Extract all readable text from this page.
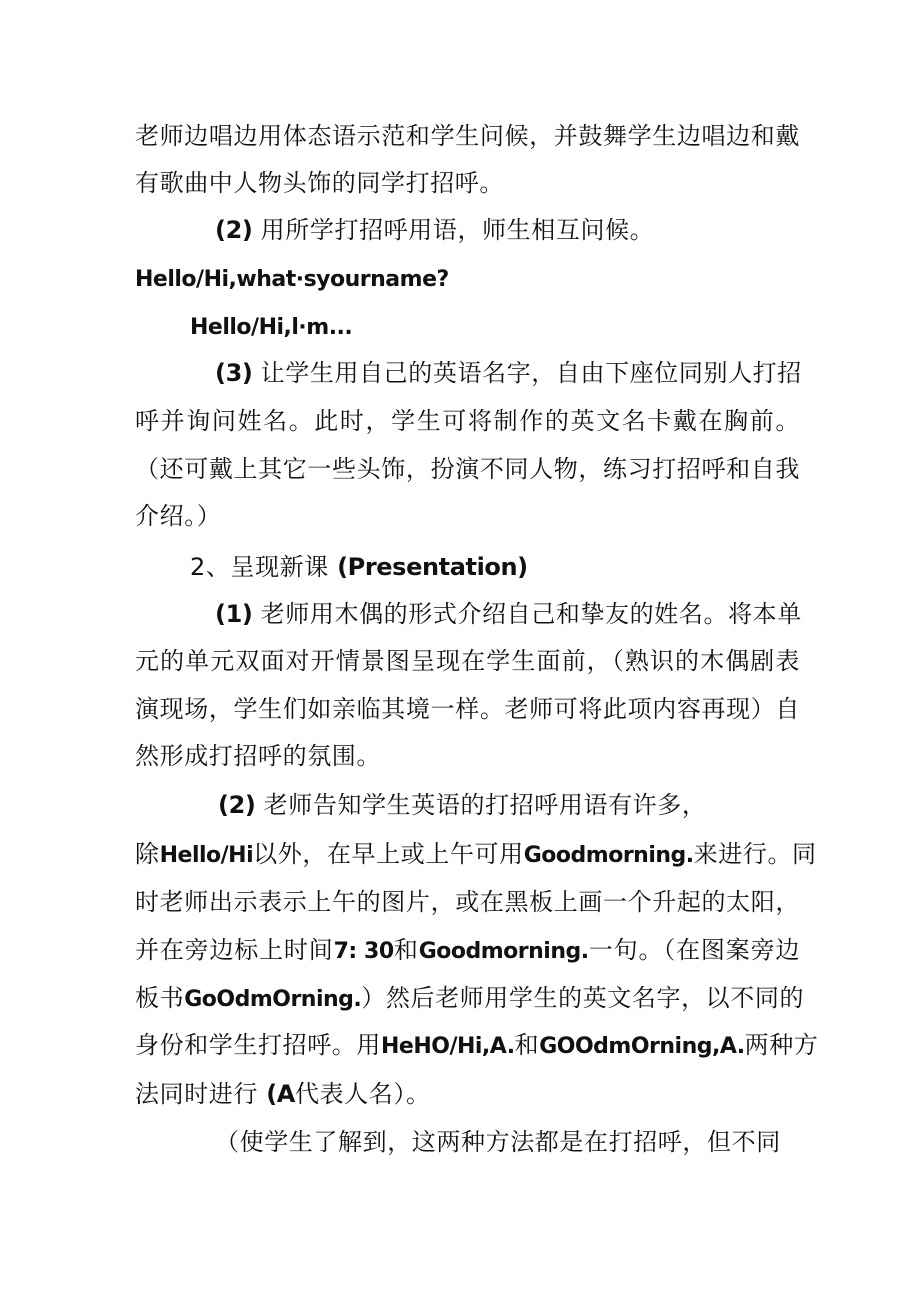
老师边唱边用体态语示范和学生问候，并鼓舞学生边唱边和戴
有歌曲中人物头饰的同学打招呼。
(2) 用所学打招呼用语，师生相互问候。
Hello/Hi,what∙syourname?
Hello/Hi,l∙m...
(3) 让学生用自己的英语名字，自由下座位同别人打招
呼并询问姓名。此时，学生可将制作的英文名卡戴在胸前。
（还可戴上其它一些头饰，扮演不同人物，练习打招呼和自我
介绍。）
2、呈现新课 (Presentation)
(1) 老师用木偶的形式介绍自己和挚友的姓名。将本单
元的单元双面对开情景图呈现在学生面前，（熟识的木偶剧表
演现场，学生们如亲临其境一样。老师可将此项内容再现）自
然形成打招呼的氛围。
(2) 老师告知学生英语的打招呼用语有许多，
除Hello/Hi以外，在早上或上午可用Goodmorning.来进行。同
时老师出示表示上午的图片，或在黑板上画一个升起的太阳，
并在旁边标上时间7: 30和Goodmorning.一句。（在图案旁边
板书GoOdmOrning.）然后老师用学生的英文名字，以不同的
身份和学生打招呼。用HeHO/Hi,A.和GOOdmOrning,A.两种方
法同时进行 (A代表人名）。
（使学生了解到，这两种方法都是在打招呼，但不同
